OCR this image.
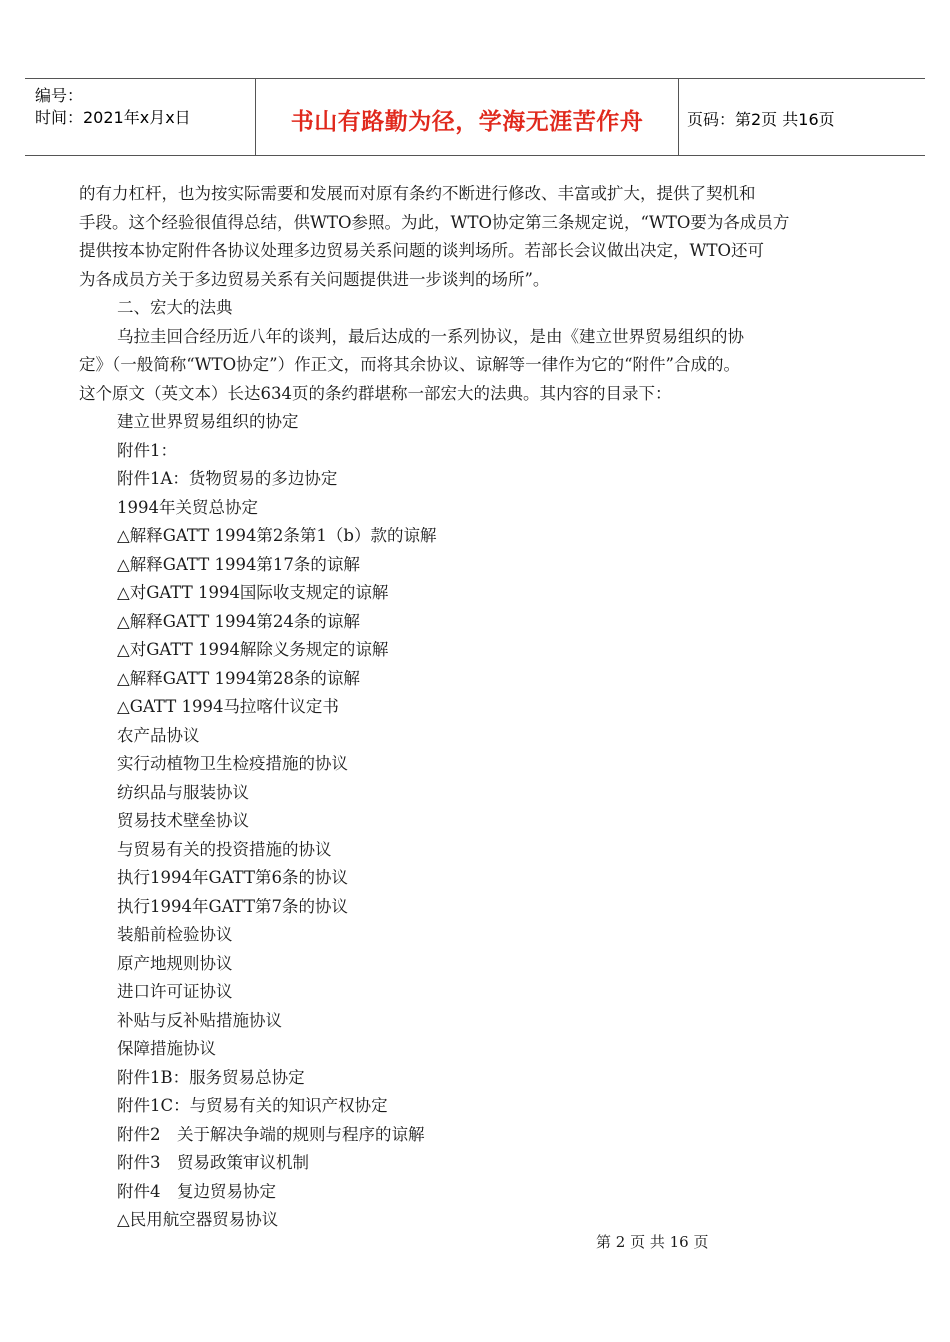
编号：
时间：2021年x月x日	书山有路勤为径，学海无涯苦作舟	页码：第2页 共16页
的有力杠杆，也为按实际需要和发展而对原有条约不断进行修改、丰富或扩大，提供了契机和
手段。这个经验很值得总结，供WTO参照。为此，WTO协定第三条规定说，“WTO要为各成员方
提供按本协定附件各协议处理多边贸易关系问题的谈判场所。若部长会议做出决定，WTO还可
为各成员方关于多边贸易关系有关问题提供进一步谈判的场所”。
二、宏大的法典
乌拉圭回合经历近八年的谈判，最后达成的一系列协议，是由《建立世界贸易组织的协
定》（一般简称“WTO协定”）作正文，而将其余协议、谅解等一律作为它的“附件”合成的。
这个原文（英文本）长达634页的条约群堪称一部宏大的法典。其内容的目录下：
建立世界贸易组织的协定
附件1：
附件1A：货物贸易的多边协定
1994年关贸总协定
△解释GATT 1994第2条第1（b）款的谅解
△解释GATT 1994第17条的谅解
△对GATT 1994国际收支规定的谅解
△解释GATT 1994第24条的谅解
△对GATT 1994解除义务规定的谅解
△解释GATT 1994第28条的谅解
△GATT 1994马拉喀什议定书
农产品协议
实行动植物卫生检疫措施的协议
纺织品与服装协议
贸易技术壁垒协议
与贸易有关的投资措施的协议
执行1994年GATT第6条的协议
执行1994年GATT第7条的协议
装船前检验协议
原产地规则协议
进口许可证协议
补贴与反补贴措施协议
保障措施协议
附件1B：服务贸易总协定
附件1C：与贸易有关的知识产权协定
附件2　关于解决争端的规则与程序的谅解
附件3　贸易政策审议机制
附件4　复边贸易协定
△民用航空器贸易协议
第 2 页 共 16 页
